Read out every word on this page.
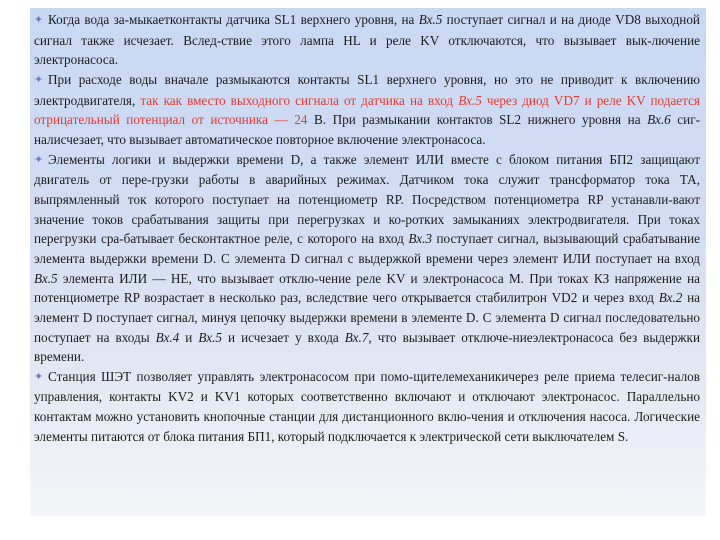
✦ Когда вода за-мыкаетконтакты датчика SL1 верхнего уровня, на Вх.5 поступает сигнал и на диоде VD8 выходной сигнал также исчезает. Вслед-ствие этого лампа HL и реле KV отключаются, что вызывает вык-лючение электронасоса.

✦ При расходе воды вначале размыкаются контакты SL1 верхнего уровня, но это не приводит к включению электродвигателя, так как вместо выходного сигнала от датчика на вход Вх.5 через диод VD7 и реле KV подается отрицательный потенциал от источника — 24 В. При размыкании контактов SL2 нижнего уровня на Вх.6 сиг-налисчезает, что вызывает автоматическое повторное включение электронасоса.

✦ Элементы логики и выдержки времени D, а также элемент ИЛИ вместе с блоком питания БП2 защищают двигатель от пере-грузки работы в аварийных режимах. Датчиком тока служит трансформатор тока ТА, выпрямленный ток которого поступает на потенциометр RP. Посредством потенциометра RP устанавли-вают значение токов срабатывания защиты при перегрузках и ко-ротких замыканиях электродвигателя. При токах перегрузки сра-батывает бесконтактное реле, с которого на вход Вх.3 поступает сигнал, вызывающий срабатывание элемента выдержки времени D. С элемента D сигнал с выдержкой времени через элемент ИЛИ поступает на вход Вх.5 элемента ИЛИ — НЕ, что вызывает отклю-чение реле KV и электронасоса М. При токах КЗ напряжение на потенциометре RP возрастает в несколько раз, вследствие чего открывается стабилитрон VD2 и через вход Вх.2 на элемент D поступает сигнал, минуя цепочку выдержки времени в элементе D. С элемента D сигнал последовательно поступает на входы Вх.4 и Вх.5 и исчезает у входа Вх.7, что вызывает отключе-ниеэлектронасоса без выдержки времени.

✦ Станция ШЭТ позволяет управлять электронасосом при помо-щителемеханикичерез реле приема телесиг-налов управления, контакты KV2 и KV1 которых соответственно включают и отключают электронасос. Параллельно контактам можно установить кнопочные станции для дистанционного вклю-чения и отключения насоса. Логические элементы питаются от блока питания БП1, который подключается к электрической сети выключателем S.
